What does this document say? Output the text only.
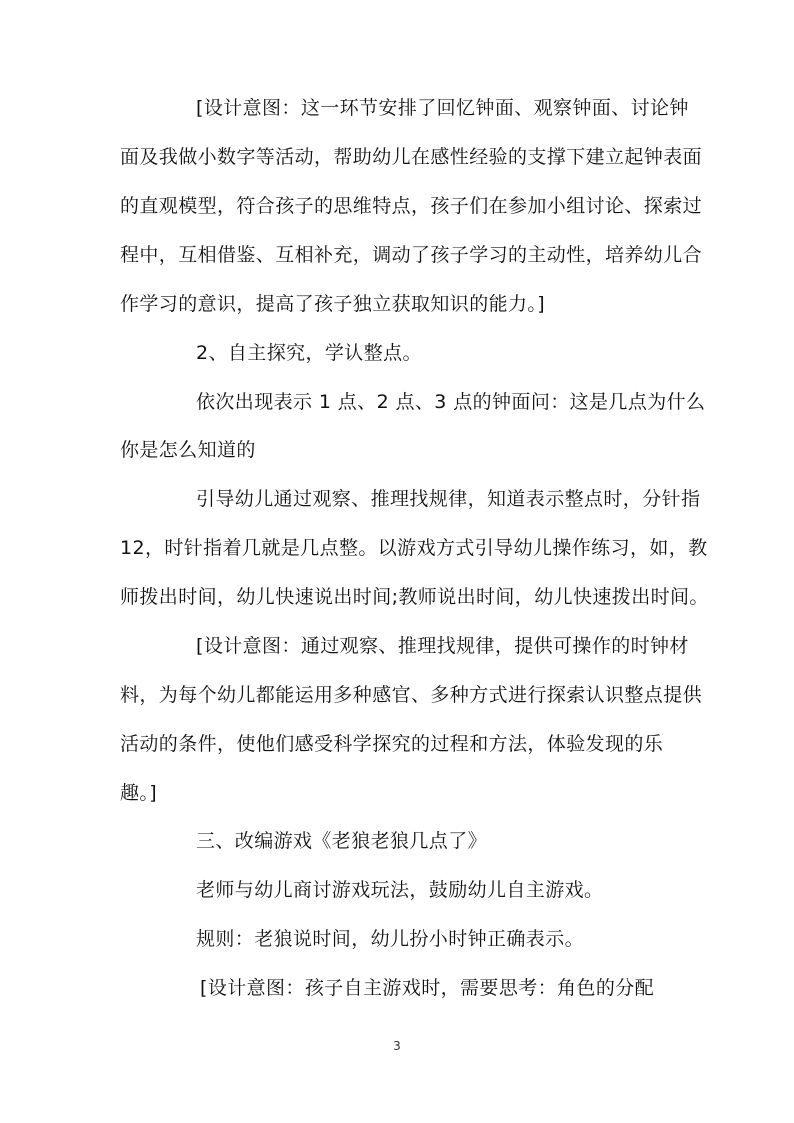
[设计意图：这一环节安排了回忆钟面、观察钟面、讨论钟
面及我做小数字等活动，帮助幼儿在感性经验的支撑下建立起钟表面
的直观模型，符合孩子的思维特点，孩子们在参加小组讨论、探索过
程中，互相借鉴、互相补充，调动了孩子学习的主动性，培养幼儿合
作学习的意识，提高了孩子独立获取知识的能力。]
2、自主探究，学认整点。
依次出现表示 1 点、2 点、3 点的钟面问：这是几点为什么
你是怎么知道的
引导幼儿通过观察、推理找规律，知道表示整点时，分针指
12，时针指着几就是几点整。以游戏方式引导幼儿操作练习，如，教
师拨出时间，幼儿快速说出时间;教师说出时间，幼儿快速拨出时间。
[设计意图：通过观察、推理找规律，提供可操作的时钟材
料，为每个幼儿都能运用多种感官、多种方式进行探索认识整点提供
活动的条件，使他们感受科学探究的过程和方法，体验发现的乐
趣。]
三、改编游戏《老狼老狼几点了》
老师与幼儿商讨游戏玩法，鼓励幼儿自主游戏。
规则：老狼说时间，幼儿扮小时钟正确表示。
[设计意图：孩子自主游戏时，需要思考：角色的分配
3
